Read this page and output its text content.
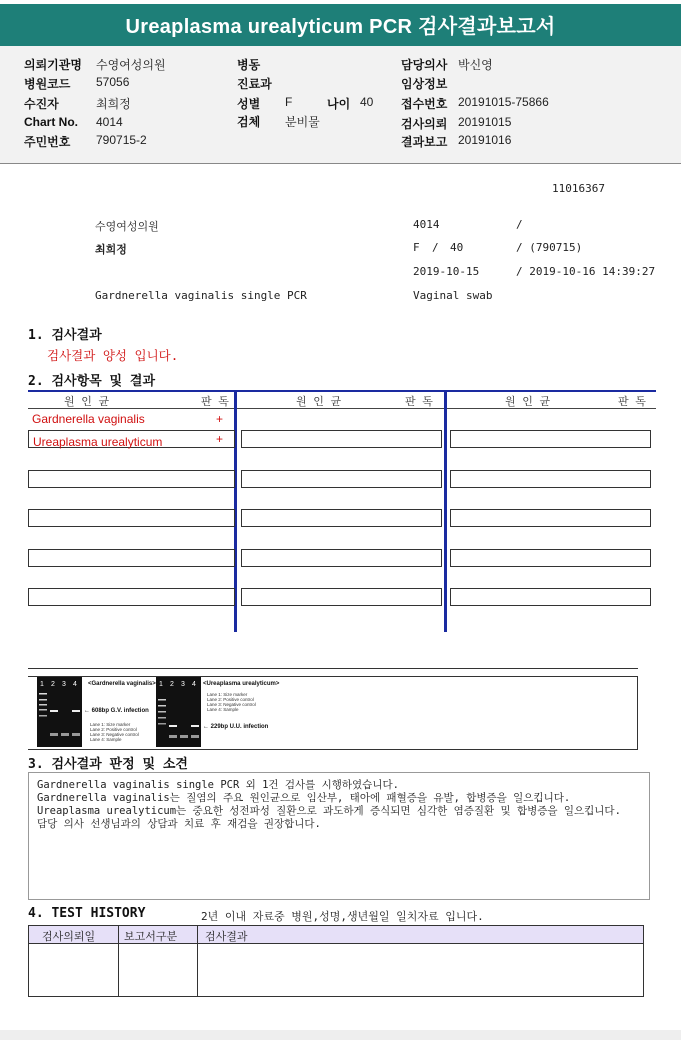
Ureaplasma urealyticum PCR 검사결과보고서
의뢰기관명 수영여성의원
병원코드 57056
수진자	최희정
Chart No. 4014
주민번호 790715-2
병동
진료과
성별 F	나이 40
검체 분비물
담당의사 박신영
임상정보
접수번호 20191015-75866
검사의뢰 20191015
결과보고 20191016
11016367
수영여성의원	4014	/
최희정	F / 40	/ (790715)
2019-10-15	/ 2019-10-16 14:39:27
Gardnerella vaginalis single PCR	Vaginal swab
1. 검사결과
검사결과 양성 입니다.
2. 검사항목 및 결과
원 인 균	판 독	원 인 균	판 독	원 인 균	판 독
Gardnerella vaginalis	+
Ureaplasma urealyticum	+
1 2 3 4 <Gardnerella vaginalis>
← 608bp G.V. infection
Lane 1: Size marker
Lane 2: Positive control
Lane 3: Negative control
Lane 4: Sample
1 2 3 4 <Ureaplasma urealyticum>
Lane 1: Size marker
Lane 2: Positive control
Lane 3: Negative control
Lane 4: Sample
← 229bp U.U. infection
3. 검사결과 판정 및 소견
Gardnerella vaginalis single PCR 외 1건 검사를 시행하였습니다.
Gardnerella vaginalis는 질염의 주요 원인균으로 임산부, 태아에 패혈증을 유발, 합병증을 일으킵니다.
Ureaplasma urealyticum는 중요한 성전파성 질환으로 과도하게 증식되면 심각한 염증질환 및 합병증을 일으킵니다.
담당 의사 선생님과의 상담과 치료 후 재검을 권장합니다.
4. TEST HISTORY	2년 이내 자료중 병원,성명,생년월일 일치자료 입니다.
검사의뢰일	보고서구분	검사결과
